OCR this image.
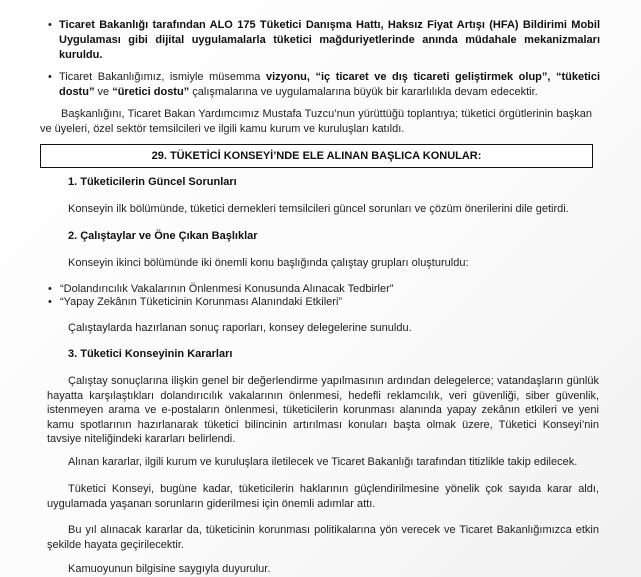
• Ticaret Bakanlığı tarafından ALO 175 Tüketici Danışma Hattı, Haksız Fiyat Artışı (HFA) Bildirimi Mobil Uygulaması gibi dijital uygulamalarla tüketici mağduriyetlerinde anında müdahale mekanizmaları kuruldu.
• Ticaret Bakanlığımız, ismiyle müsemma vizyonu, “iç ticaret ve dış ticareti geliştirmek olup”, “tüketici dostu” ve “üretici dostu” çalışmalarına ve uygulamalarına büyük bir kararlılıkla devam edecektir.

Başkanlığını, Ticaret Bakan Yardımcımız Mustafa Tuzcu’nun yürüttüğü toplantıya; tüketici örgütlerinin başkan ve üyeleri, özel sektör temsilcileri ve ilgili kamu kurum ve kuruluşları katıldı.

29. TÜKETİCİ KONSEYİ’NDE ELE ALINAN BAŞLICA KONULAR:
1. Tüketicilerin Güncel Sorunları

Konseyin ilk bölümünde, tüketici dernekleri temsilcileri güncel sorunları ve çözüm önerilerini dile getirdi.

2. Çalıştaylar ve Öne Çıkan Başlıklar

Konseyin ikinci bölümünde iki önemli konu başlığında çalıştay grupları oluşturuldu:

• “Dolandırıcılık Vakalarının Önlenmesi Konusunda Alınacak Tedbirler”
• “Yapay Zekânın Tüketicinin Korunması Alanındaki Etkileri”

Çalıştaylarda hazırlanan sonuç raporları, konsey delegelerine sunuldu.

3. Tüketici Konseyinin Kararları

Çalıştay sonuçlarına ilişkin genel bir değerlendirme yapılmasının ardından delegelerce; vatandaşların günlük hayatta karşılaştıkları dolandırıcılık vakalarının önlenmesi, hedefli reklamcılık, veri güvenliği, siber güvenlik, istenmeyen arama ve e-postaların önlenmesi, tüketicilerin korunması alanında yapay zekânın etkileri ve yeni kamu spotlarının hazırlanarak tüketici bilincinin artırılması konuları başta olmak üzere, Tüketici Konseyi’nin tavsiye niteliğindeki kararları belirlendi.

Alınan kararlar, ilgili kurum ve kuruluşlara iletilecek ve Ticaret Bakanlığı tarafından titizlikle takip edilecek.

Tüketici Konseyi, bugüne kadar, tüketicilerin haklarının güçlendirilmesine yönelik çok sayıda karar aldı, uygulamada yaşanan sorunların giderilmesi için önemli adımlar attı.

Bu yıl alınacak kararlar da, tüketicinin korunması politikalarına yön verecek ve Ticaret Bakanlığımızca etkin şekilde hayata geçirilecektir.

Kamuoyunun bilgisine saygıyla duyurulur.
